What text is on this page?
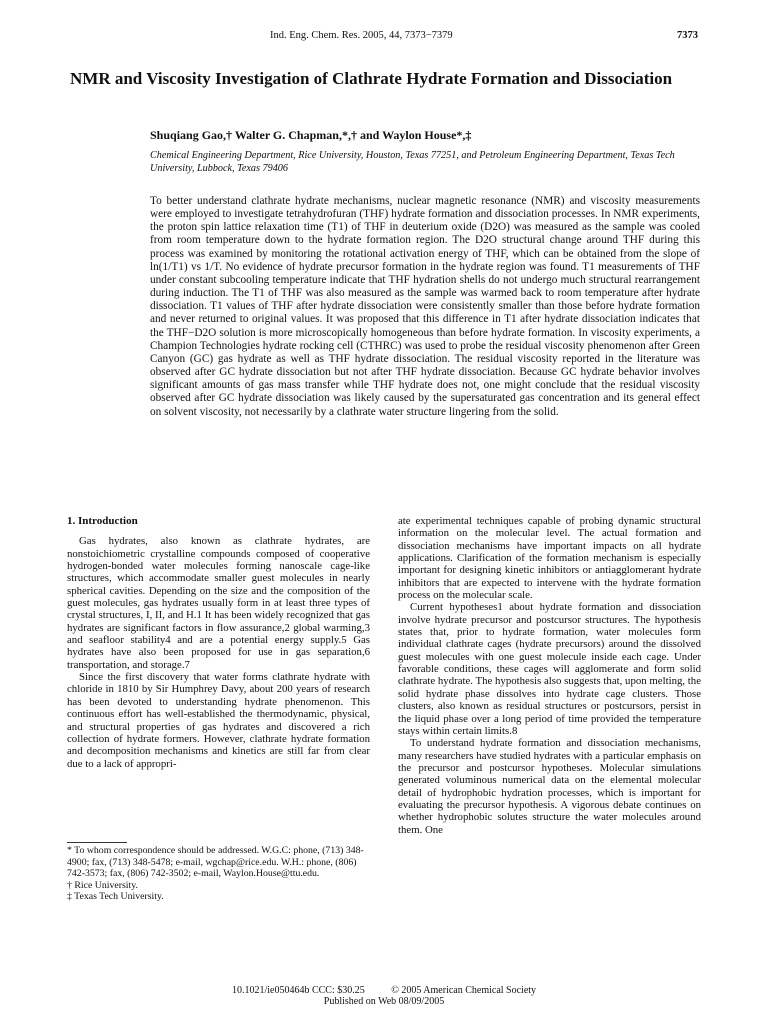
Ind. Eng. Chem. Res. 2005, 44, 7373−7379	7373
NMR and Viscosity Investigation of Clathrate Hydrate Formation and Dissociation
Shuqiang Gao,† Walter G. Chapman,*,† and Waylon House*,‡
Chemical Engineering Department, Rice University, Houston, Texas 77251, and Petroleum Engineering Department, Texas Tech University, Lubbock, Texas 79406

To better understand clathrate hydrate mechanisms, nuclear magnetic resonance (NMR) and viscosity measurements were employed to investigate tetrahydrofuran (THF) hydrate formation and dissociation processes. In NMR experiments, the proton spin lattice relaxation time (T1) of THF in deuterium oxide (D2O) was measured as the sample was cooled from room temperature down to the hydrate formation region. The D2O structural change around THF during this process was examined by monitoring the rotational activation energy of THF, which can be obtained from the slope of ln(1/T1) vs 1/T. No evidence of hydrate precursor formation in the hydrate region was found. T1 measurements of THF under constant subcooling temperature indicate that THF hydration shells do not undergo much structural rearrangement during induction. The T1 of THF was also measured as the sample was warmed back to room temperature after hydrate dissociation. T1 values of THF after hydrate dissociation were consistently smaller than those before hydrate formation and never returned to original values. It was proposed that this difference in T1 after hydrate dissociation indicates that the THF−D2O solution is more microscopically homogeneous than before hydrate formation. In viscosity experiments, a Champion Technologies hydrate rocking cell (CTHRC) was used to probe the residual viscosity phenomenon after Green Canyon (GC) gas hydrate as well as THF hydrate dissociation. The residual viscosity reported in the literature was observed after GC hydrate dissociation but not after THF hydrate dissociation. Because GC hydrate behavior involves significant amounts of gas mass transfer while THF hydrate does not, one might conclude that the residual viscosity observed after GC hydrate dissociation was likely caused by the supersaturated gas concentration and its general effect on solvent viscosity, not necessarily by a clathrate water structure lingering from the solid.

1. Introduction

Gas hydrates, also known as clathrate hydrates, are nonstoichiometric crystalline compounds composed of cooperative hydrogen-bonded water molecules forming nanoscale cage-like structures, which accommodate smaller guest molecules in nearly spherical cavities. Depending on the size and the composition of the guest molecules, gas hydrates usually form in at least three types of crystal structures, I, II, and H.1 It has been widely recognized that gas hydrates are significant factors in flow assurance,2 global warming,3 and seafloor stability4 and are a potential energy supply.5 Gas hydrates have also been proposed for use in gas separation,6 transportation, and storage.7

Since the first discovery that water forms clathrate hydrate with chloride in 1810 by Sir Humphrey Davy, about 200 years of research has been devoted to understanding hydrate phenomenon. This continuous effort has well-established the thermodynamic, physical, and structural properties of gas hydrates and discovered a rich collection of hydrate formers. However, clathrate hydrate formation and decomposition mechanisms and kinetics are still far from clear due to a lack of appropri-

ate experimental techniques capable of probing dynamic structural information on the molecular level. The actual formation and dissociation mechanisms have important impacts on all hydrate applications. Clarification of the formation mechanism is especially important for designing kinetic inhibitors or antiagglomerant hydrate inhibitors that are expected to intervene with the hydrate formation process on the molecular scale.

Current hypotheses1 about hydrate formation and dissociation involve hydrate precursor and postcursor structures. The hypothesis states that, prior to hydrate formation, water molecules form individual clathrate cages (hydrate precursors) around the dissolved guest molecules with one guest molecule inside each cage. Under favorable conditions, these cages will agglomerate and form solid clathrate hydrate. The hypothesis also suggests that, upon melting, the solid hydrate phase dissolves into hydrate cage clusters. Those clusters, also known as residual structures or postcursors, persist in the liquid phase over a long period of time provided the temperature stays within certain limits.8

To understand hydrate formation and dissociation mechanisms, many researchers have studied hydrates with a particular emphasis on the precursor and postcursor hypotheses. Molecular simulations generated voluminous numerical data on the elemental molecular detail of hydrophobic hydration processes, which is important for evaluating the precursor hypothesis. A vigorous debate continues on whether hydrophobic solutes structure the water molecules around them. One

* To whom correspondence should be addressed. W.G.C: phone, (713) 348-4900; fax, (713) 348-5478; e-mail, wgchap@rice.edu. W.H.: phone, (806) 742-3573; fax, (806) 742-3502; e-mail, Waylon.House@ttu.edu.
† Rice University.
‡ Texas Tech University.
10.1021/ie050464b CCC: $30.25	© 2005 American Chemical Society
Published on Web 08/09/2005
